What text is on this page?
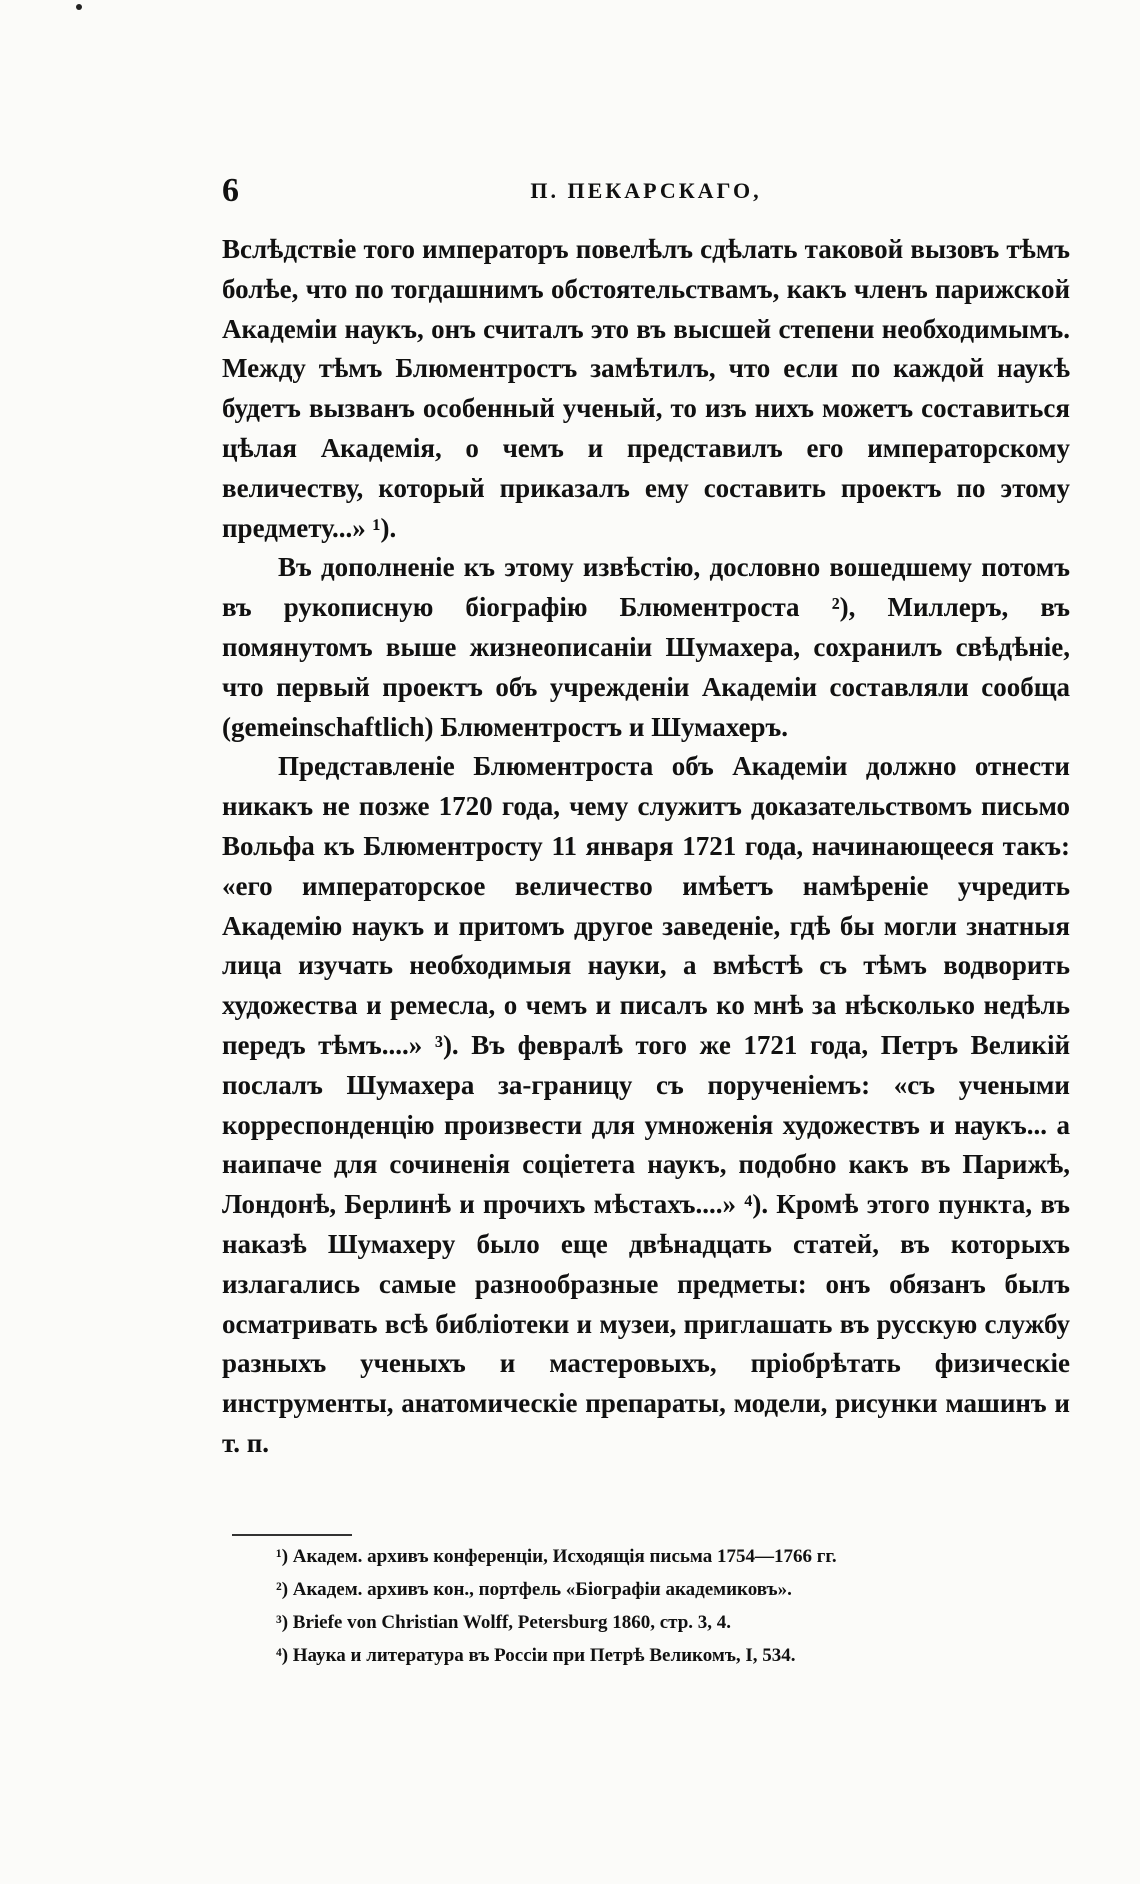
6	П. ПЕКАРСКАГО,

Вслѣдствіе того императоръ повелѣлъ сдѣлать таковой вызовъ тѣмъ болѣе, что по тогдашнимъ обстоятельствамъ, какъ членъ парижской Академіи наукъ, онъ считалъ это въ высшей степени необходимымъ. Между тѣмъ Блюментростъ замѣтилъ, что если по каждой наукѣ будетъ вызванъ особенный ученый, то изъ нихъ можетъ составиться цѣлая Академія, о чемъ и представилъ его императорскому величеству, который приказалъ ему составить проектъ по этому предмету...» ¹).

Въ дополненіе къ этому извѣстію, дословно вошедшему потомъ въ рукописную біографію Блюментроста ²), Миллеръ, въ помянутомъ выше жизнеописаніи Шумахера, сохранилъ свѣдѣніе, что первый проектъ объ учрежденіи Академіи составляли сообща (gemeinschaftlich) Блюментростъ и Шумахеръ.

Представленіе Блюментроста объ Академіи должно отнести никакъ не позже 1720 года, чему служитъ доказательствомъ письмо Вольфа къ Блюментросту 11 января 1721 года, начинающееся такъ: «его императорское величество имѣетъ намѣреніе учредить Академію наукъ и притомъ другое заведеніе, гдѣ бы могли знатныя лица изучать необходимыя науки, а вмѣстѣ съ тѣмъ водворить художества и ремесла, о чемъ и писалъ ко мнѣ за нѣсколько недѣль передъ тѣмъ....» ³). Въ февралѣ того же 1721 года, Петръ Великій послалъ Шумахера за-границу съ порученіемъ: «съ учеными корреспонденцію произвести для умноженія художествъ и наукъ... а наипаче для сочиненія соціетета наукъ, подобно какъ въ Парижѣ, Лондонѣ, Берлинѣ и прочихъ мѣстахъ....» ⁴). Кромѣ этого пункта, въ наказѣ Шумахеру было еще двѣнадцать статей, въ которыхъ излагались самые разнообразные предметы: онъ обязанъ былъ осматривать всѣ библіотеки и музеи, приглашать въ русскую службу разныхъ ученыхъ и мастеровыхъ, пріобрѣтать физическіе инструменты, анатомическіе препараты, модели, рисунки машинъ и т. п.

¹) Академ. архивъ конференціи, Исходящія письма 1754—1766 гг.
²) Академ. архивъ кон., портфель «Біографіи академиковъ».
³) Briefe von Christian Wolff, Petersburg 1860, стр. 3, 4.
⁴) Наука и литература въ Россіи при Петрѣ Великомъ, I, 534.
